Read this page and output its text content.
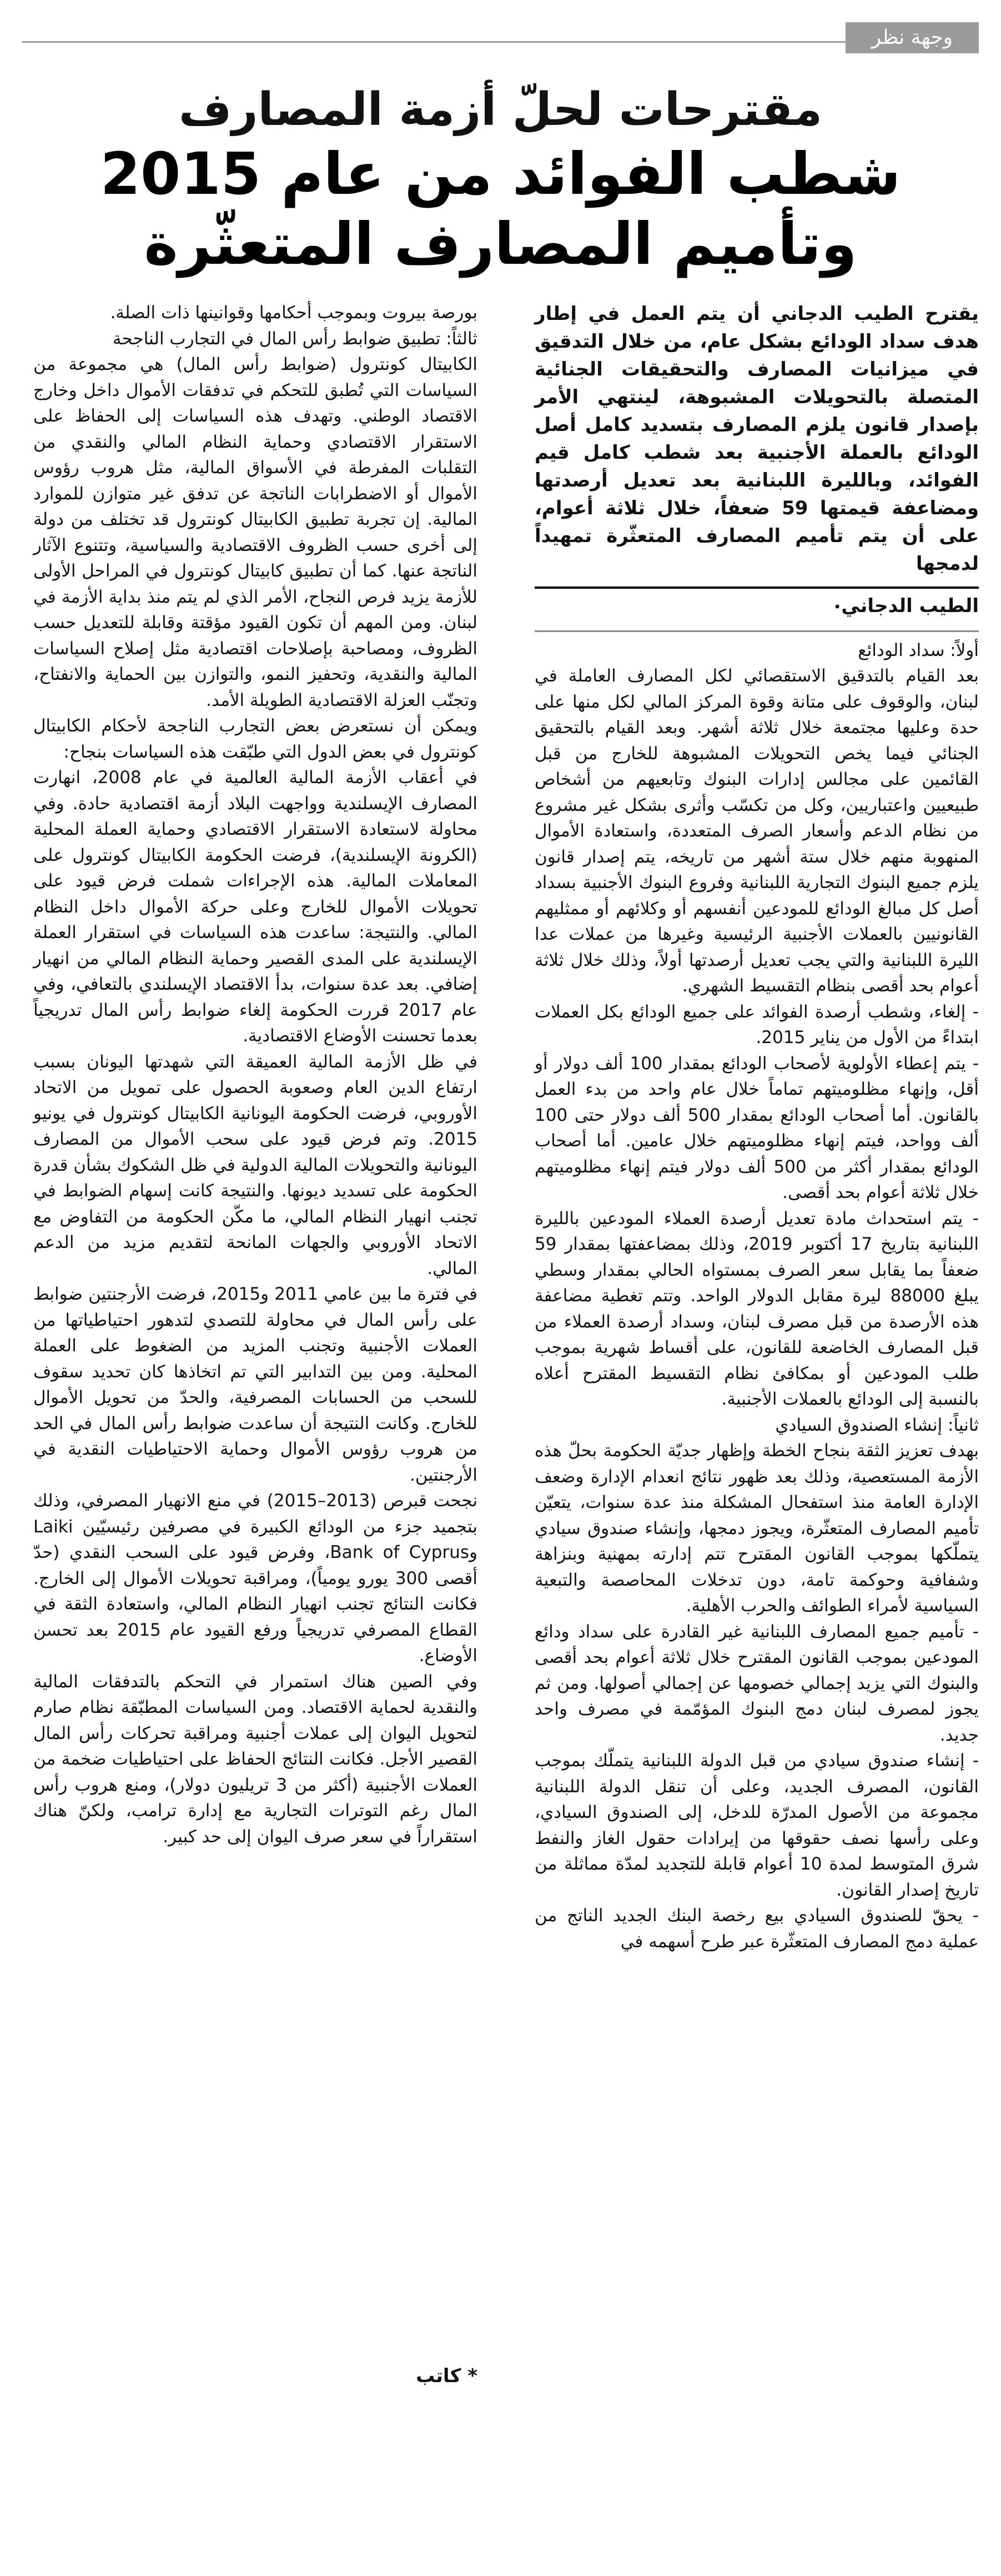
وجهة نظر
مقترحات لحلّ أزمة المصارف
شطب الفوائد من عام 2015
وتأميم المصارف المتعثّرة

يقترح الطيب الدجاني أن يتم العمل في إطار هدف سداد الودائع بشكل عام، من خلال التدقيق في ميزانيات المصارف والتحقيقات الجنائية المتصلة بالتحويلات المشبوهة، لينتهي الأمر بإصدار قانون يلزم المصارف بتسديد كامل أصل الودائع بالعملة الأجنبية بعد شطب كامل قيم الفوائد، وبالليرة اللبنانية بعد تعديل أرصدتها ومضاعفة قيمتها 59 ضعفاً، خلال ثلاثة أعوام، على أن يتم تأميم المصارف المتعثّرة تمهيداً لدمجها

الطيب الدجاني•

أولاً: سداد الودائع

بعد القيام بالتدقيق الاستقصائي لكل المصارف العاملة في لبنان، والوقوف على متانة وقوة المركز المالي لكل منها على حدة وعليها مجتمعة خلال ثلاثة أشهر. وبعد القيام بالتحقيق الجنائي فيما يخص التحويلات المشبوهة للخارج من قبل القائمين على مجالس إدارات البنوك وتابعيهم من أشخاص طبيعيين واعتباريين، وكل من تكسّب وأثرى بشكل غير مشروع من نظام الدعم وأسعار الصرف المتعددة، واستعادة الأموال المنهوبة منهم خلال ستة أشهر من تاريخه، يتم إصدار قانون يلزم جميع البنوك التجارية اللبنانية وفروع البنوك الأجنبية بسداد أصل كل مبالغ الودائع للمودعين أنفسهم أو وكلائهم أو ممثليهم القانونيين بالعملات الأجنبية الرئيسية وغيرها من عملات عدا الليرة اللبنانية والتي يجب تعديل أرصدتها أولاً، وذلك خلال ثلاثة أعوام بحد أقصى بنظام التقسيط الشهري.

- إلغاء، وشطب أرصدة الفوائد على جميع الودائع بكل العملات ابتداءً من الأول من يناير 2015.

- يتم إعطاء الأولوية لأصحاب الودائع بمقدار 100 ألف دولار أو أقل، وإنهاء مظلوميتهم تماماً خلال عام واحد من بدء العمل بالقانون. أما أصحاب الودائع بمقدار 500 ألف دولار حتى 100 ألف وواحد، فيتم إنهاء مظلوميتهم خلال عامين. أما أصحاب الودائع بمقدار أكثر من 500 ألف دولار فيتم إنهاء مظلوميتهم خلال ثلاثة أعوام بحد أقصى.

- يتم استحداث مادة تعديل أرصدة العملاء المودعين بالليرة اللبنانية بتاريخ 17 أكتوبر 2019، وذلك بمضاعفتها بمقدار 59 ضعفاً بما يقابل سعر الصرف بمستواه الحالي بمقدار وسطي يبلغ 88000 ليرة مقابل الدولار الواحد. وتتم تغطية مضاعفة هذه الأرصدة من قبل مصرف لبنان، وسداد أرصدة العملاء من قبل المصارف الخاضعة للقانون، على أقساط شهرية بموجب طلب المودعين أو بمكافئ نظام التقسيط المقترح أعلاه بالنسبة إلى الودائع بالعملات الأجنبية.

ثانياً: إنشاء الصندوق السيادي

بهدف تعزيز الثقة بنجاح الخطة وإظهار جديّة الحكومة بحلّ هذه الأزمة المستعصية، وذلك بعد ظهور نتائج انعدام الإدارة وضعف الإدارة العامة منذ استفحال المشكلة منذ عدة سنوات، يتعيّن تأميم المصارف المتعثّرة، ويجوز دمجها، وإنشاء صندوق سيادي يتملّكها بموجب القانون المقترح تتم إدارته بمهنية وبنزاهة وشفافية وحوكمة تامة، دون تدخلات المحاصصة والتبعية السياسية لأمراء الطوائف والحرب الأهلية.

- تأميم جميع المصارف اللبنانية غير القادرة على سداد ودائع المودعين بموجب القانون المقترح خلال ثلاثة أعوام بحد أقصى والبنوك التي يزيد إجمالي خصومها عن إجمالي أصولها. ومن ثم يجوز لمصرف لبنان دمج البنوك المؤمّمة في مصرف واحد جديد.

- إنشاء صندوق سيادي من قبل الدولة اللبنانية يتملّك بموجب القانون، المصرف الجديد، وعلى أن تنقل الدولة اللبنانية مجموعة من الأصول المدرّة للدخل، إلى الصندوق السيادي، وعلى رأسها نصف حقوقها من إيرادات حقول الغاز والنفط شرق المتوسط لمدة 10 أعوام قابلة للتجديد لمدّة مماثلة من تاريخ إصدار القانون.

- يحقّ للصندوق السيادي بيع رخصة البنك الجديد الناتج من عملية دمج المصارف المتعثّرة عبر طرح أسهمه في

بورصة بيروت وبموجب أحكامها وقوانينها ذات الصلة.

ثالثاً: تطبيق ضوابط رأس المال في التجارب الناجحة

الكابيتال كونترول (ضوابط رأس المال) هي مجموعة من السياسات التي تُطبق للتحكم في تدفقات الأموال داخل وخارج الاقتصاد الوطني. وتهدف هذه السياسات إلى الحفاظ على الاستقرار الاقتصادي وحماية النظام المالي والنقدي من التقلبات المفرطة في الأسواق المالية، مثل هروب رؤوس الأموال أو الاضطرابات الناتجة عن تدفق غير متوازن للموارد المالية. إن تجربة تطبيق الكابيتال كونترول قد تختلف من دولة إلى أخرى حسب الظروف الاقتصادية والسياسية، وتتنوع الآثار الناتجة عنها. كما أن تطبيق كابيتال كونترول في المراحل الأولى للأزمة يزيد فرص النجاح، الأمر الذي لم يتم منذ بداية الأزمة في لبنان. ومن المهم أن تكون القيود مؤقتة وقابلة للتعديل حسب الظروف، ومصاحبة بإصلاحات اقتصادية مثل إصلاح السياسات المالية والنقدية، وتحفيز النمو، والتوازن بين الحماية والانفتاح، وتجنّب العزلة الاقتصادية الطويلة الأمد.

ويمكن أن نستعرض بعض التجارب الناجحة لأحكام الكابيتال كونترول في بعض الدول التي طبّقت هذه السياسات بنجاح:

في أعقاب الأزمة المالية العالمية في عام 2008، انهارت المصارف الإيسلندية وواجهت البلاد أزمة اقتصادية حادة. وفي محاولة لاستعادة الاستقرار الاقتصادي وحماية العملة المحلية (الكرونة الإيسلندية)، فرضت الحكومة الكابيتال كونترول على المعاملات المالية. هذه الإجراءات شملت فرض قيود على تحويلات الأموال للخارج وعلى حركة الأموال داخل النظام المالي. والنتيجة: ساعدت هذه السياسات في استقرار العملة الإيسلندية على المدى القصير وحماية النظام المالي من انهيار إضافي. بعد عدة سنوات، بدأ الاقتصاد الإيسلندي بالتعافي، وفي عام 2017 قررت الحكومة إلغاء ضوابط رأس المال تدريجياً بعدما تحسنت الأوضاع الاقتصادية.

في ظل الأزمة المالية العميقة التي شهدتها اليونان بسبب ارتفاع الدين العام وصعوبة الحصول على تمويل من الاتحاد الأوروبي، فرضت الحكومة اليونانية الكابيتال كونترول في يونيو 2015. وتم فرض قيود على سحب الأموال من المصارف اليونانية والتحويلات المالية الدولية في ظل الشكوك بشأن قدرة الحكومة على تسديد ديونها. والنتيجة كانت إسهام الضوابط في تجنب انهيار النظام المالي، ما مكّن الحكومة من التفاوض مع الاتحاد الأوروبي والجهات المانحة لتقديم مزيد من الدعم المالي.

في فترة ما بين عامي 2011 و2015، فرضت الأرجنتين ضوابط على رأس المال في محاولة للتصدي لتدهور احتياطياتها من العملات الأجنبية وتجنب المزيد من الضغوط على العملة المحلية. ومن بين التدابير التي تم اتخاذها كان تحديد سقوف للسحب من الحسابات المصرفية، والحدّ من تحويل الأموال للخارج. وكانت النتيجة أن ساعدت ضوابط رأس المال في الحد من هروب رؤوس الأموال وحماية الاحتياطيات النقدية في الأرجنتين.

نجحت قبرص (2013–2015) في منع الانهيار المصرفي، وذلك بتجميد جزء من الودائع الكبيرة في مصرفين رئيسيّين Laiki وBank of Cyprus، وفرض قيود على السحب النقدي (حدّ أقصى 300 يورو يومياً)، ومراقبة تحويلات الأموال إلى الخارج. فكانت النتائج تجنب انهيار النظام المالي، واستعادة الثقة في القطاع المصرفي تدريجياً ورفع القيود عام 2015 بعد تحسن الأوضاع.

وفي الصين هناك استمرار في التحكم بالتدفقات المالية والنقدية لحماية الاقتصاد. ومن السياسات المطبّقة نظام صارم لتحويل اليوان إلى عملات أجنبية ومراقبة تحركات رأس المال القصير الأجل. فكانت النتائج الحفاظ على احتياطيات ضخمة من العملات الأجنبية (أكثر من 3 تريليون دولار)، ومنع هروب رأس المال رغم التوترات التجارية مع إدارة ترامب، ولكنّ هناك استقراراً في سعر صرف اليوان إلى حد كبير.

* كاتب
